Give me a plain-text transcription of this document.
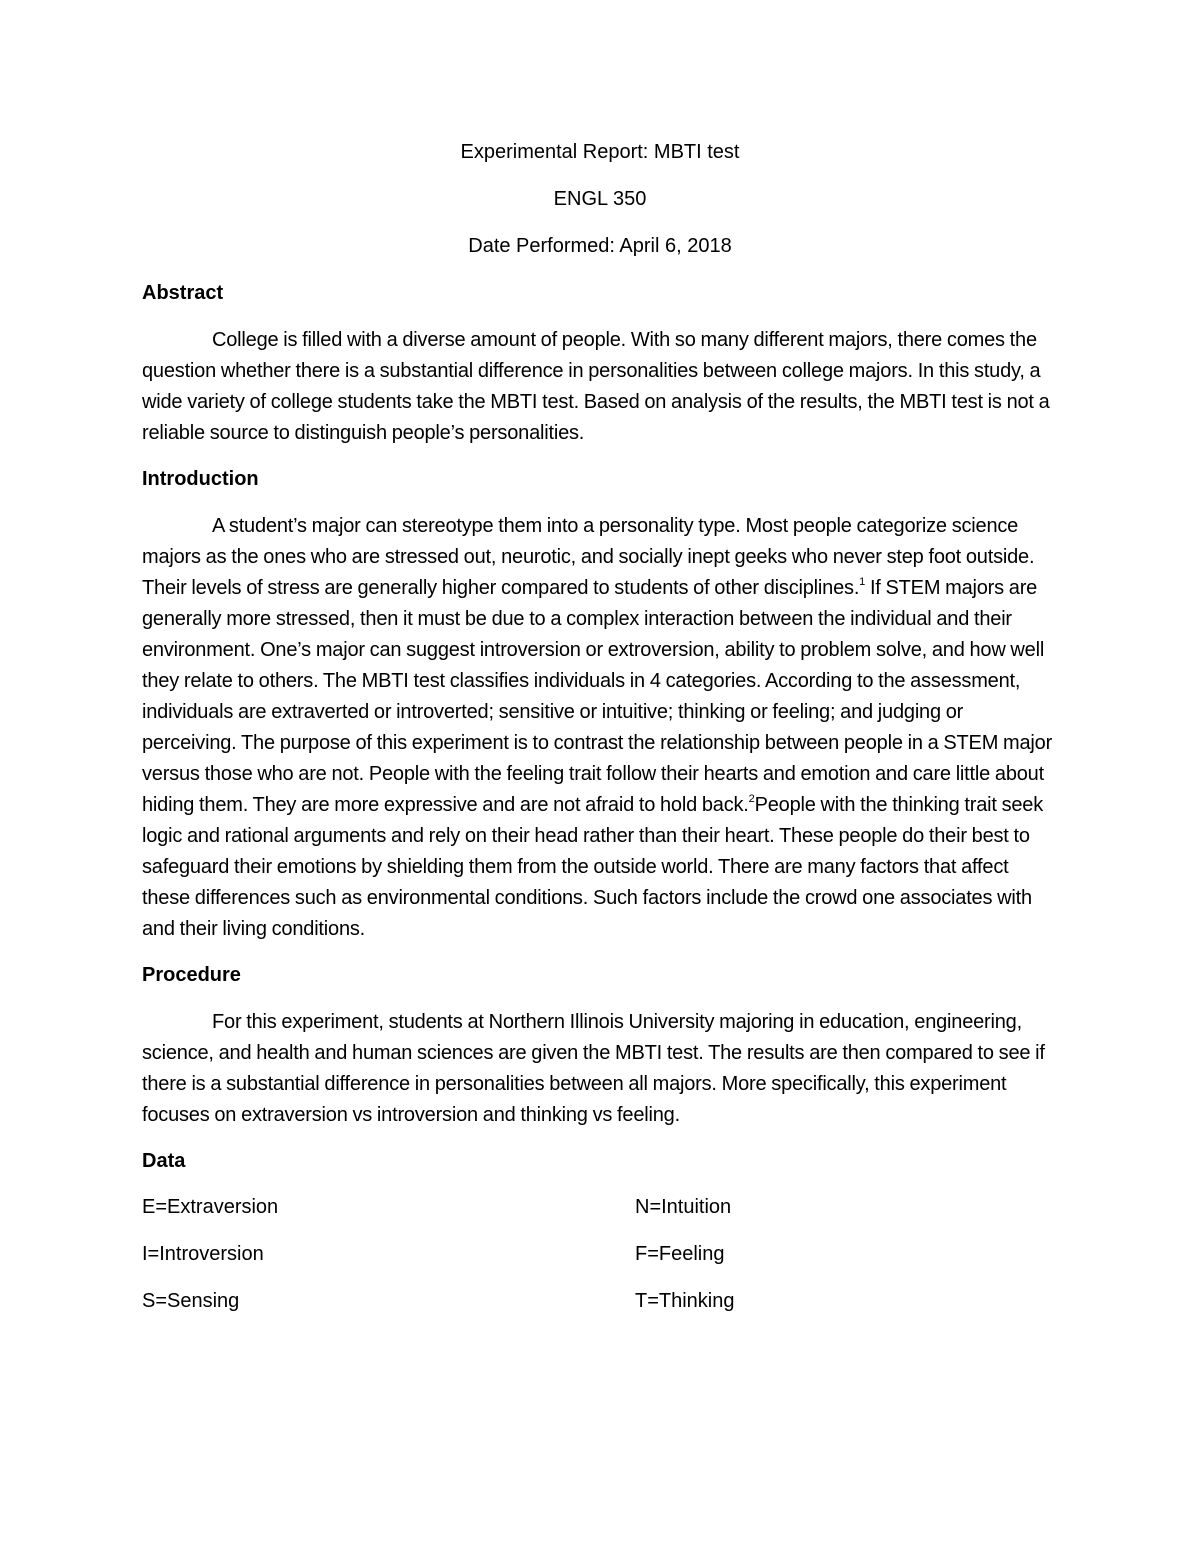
Experimental Report: MBTI test
ENGL 350
Date Performed: April 6, 2018
Abstract

College is filled with a diverse amount of people. With so many different majors, there comes the question whether there is a substantial difference in personalities between college majors. In this study, a wide variety of college students take the MBTI test. Based on analysis of the results, the MBTI test is not a reliable source to distinguish people’s personalities.

Introduction

A student’s major can stereotype them into a personality type. Most people categorize science majors as the ones who are stressed out, neurotic, and socially inept geeks who never step foot outside. Their levels of stress are generally higher compared to students of other disciplines.$^1$ If STEM majors are generally more stressed, then it must be due to a complex interaction between the individual and their environment. One’s major can suggest introversion or extroversion, ability to problem solve, and how well they relate to others. The MBTI test classifies individuals in 4 categories. According to the assessment, individuals are extraverted or introverted; sensitive or intuitive; thinking or feeling; and judging or perceiving. The purpose of this experiment is to contrast the relationship between people in a STEM major versus those who are not. People with the feeling trait follow their hearts and emotion and care little about hiding them. They are more expressive and are not afraid to hold back.$^2$People with the thinking trait seek logic and rational arguments and rely on their head rather than their heart. These people do their best to safeguard their emotions by shielding them from the outside world. There are many factors that affect these differences such as environmental conditions. Such factors include the crowd one associates with and their living conditions.

Procedure

For this experiment, students at Northern Illinois University majoring in education, engineering, science, and health and human sciences are given the MBTI test. The results are then compared to see if there is a substantial difference in personalities between all majors. More specifically, this experiment focuses on extraversion vs introversion and thinking vs feeling.

Data
E=Extraversion	N=Intuition
I=Introversion	F=Feeling
S=Sensing	T=Thinking
